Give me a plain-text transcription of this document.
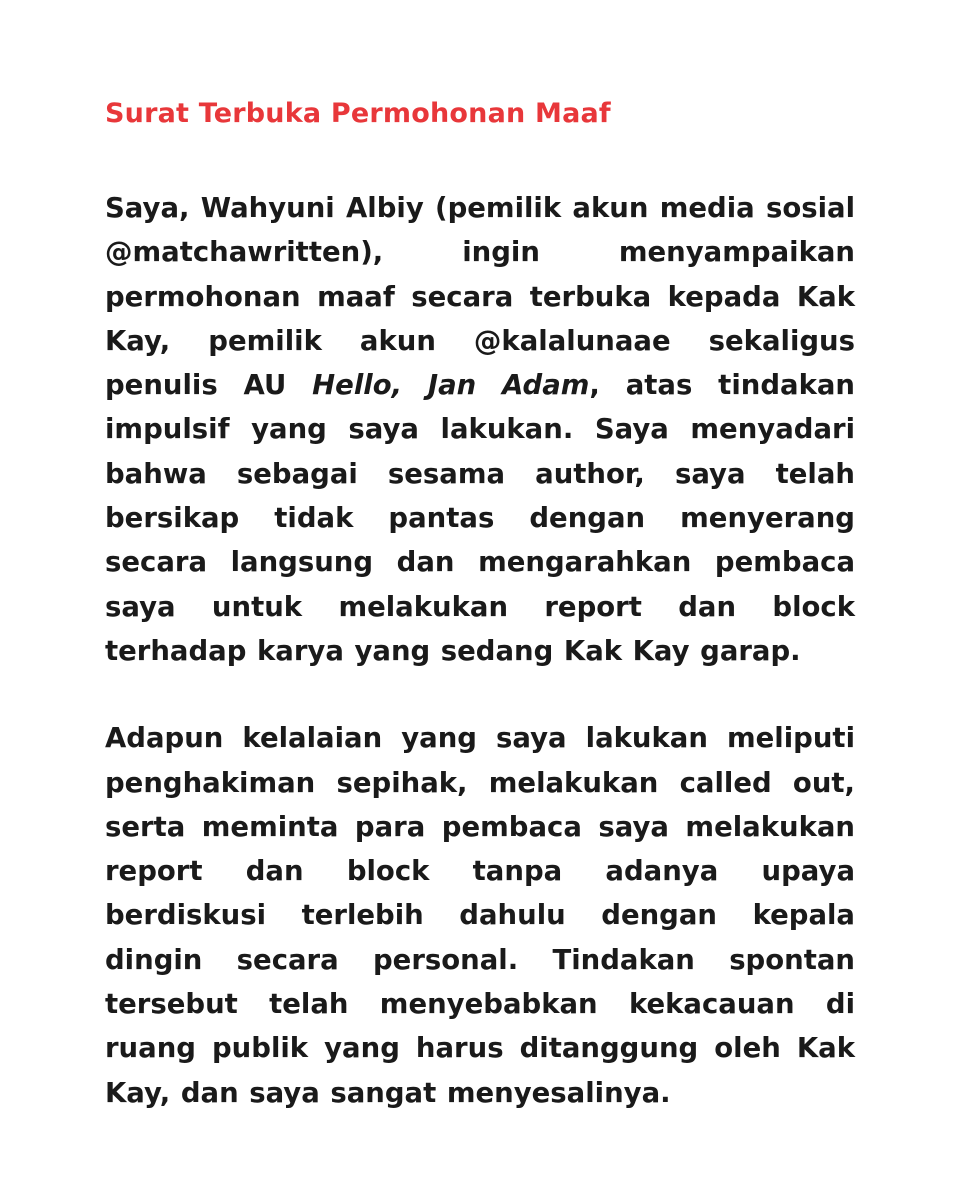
Surat Terbuka Permohonan Maaf

Saya, Wahyuni Albiy (pemilik akun media sosial @matchawritten), ingin menyampaikan permohonan maaf secara terbuka kepada Kak Kay, pemilik akun @kalalunaae sekaligus penulis AU Hello, Jan Adam, atas tindakan impulsif yang saya lakukan. Saya menyadari bahwa sebagai sesama author, saya telah bersikap tidak pantas dengan menyerang secara langsung dan mengarahkan pembaca saya untuk melakukan report dan block terhadap karya yang sedang Kak Kay garap.

Adapun kelalaian yang saya lakukan meliputi penghakiman sepihak, melakukan called out, serta meminta para pembaca saya melakukan report dan block tanpa adanya upaya berdiskusi terlebih dahulu dengan kepala dingin secara personal. Tindakan spontan tersebut telah menyebabkan kekacauan di ruang publik yang harus ditanggung oleh Kak Kay, dan saya sangat menyesalinya.
